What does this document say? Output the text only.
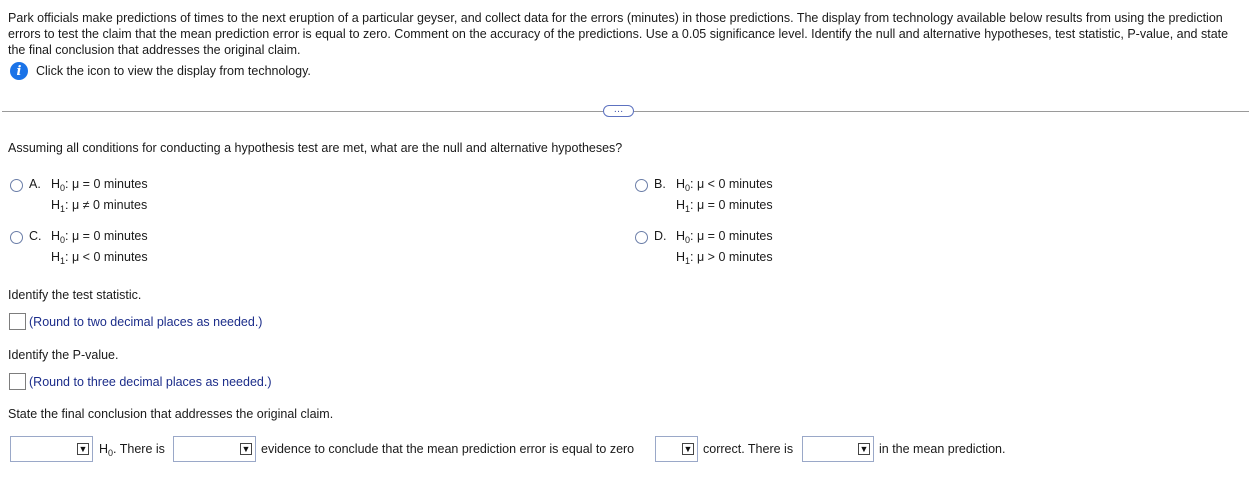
Park officials make predictions of times to the next eruption of a particular geyser, and collect data for the errors (minutes) in those predictions. The display from technology available below results from using the prediction errors to test the claim that the mean prediction error is equal to zero. Comment on the accuracy of the predictions. Use a 0.05 significance level. Identify the null and alternative hypotheses, test statistic, P-value, and state the final conclusion that addresses the original claim.
i	Click the icon to view the display from technology.
…
Assuming all conditions for conducting a hypothesis test are met, what are the null and alternative hypotheses?
A. $H_0$: μ = 0 minutes
$H_1$: μ ≠ 0 minutes
B. $H_0$: μ < 0 minutes
$H_1$: μ = 0 minutes
C. $H_0$: μ = 0 minutes
$H_1$: μ < 0 minutes
D. $H_0$: μ = 0 minutes
$H_1$: μ > 0 minutes
Identify the test statistic.
(Round to two decimal places as needed.)
Identify the P-value.
(Round to three decimal places as needed.)
State the final conclusion that addresses the original claim.
▼ $H_0$. There is	▼ evidence to conclude that the mean prediction error is equal to zero	▼ correct. There is	▼ in the mean prediction.
